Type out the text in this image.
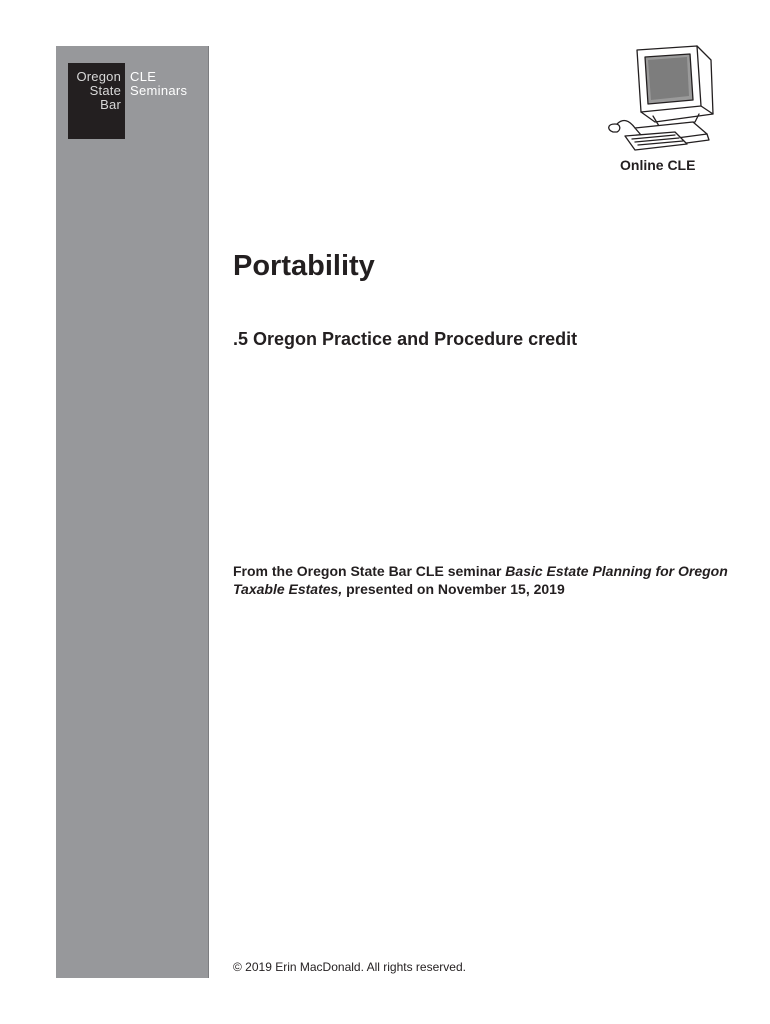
Oregon
State
Bar
CLE
Seminars
Online CLE
Portability

.5 Oregon Practice and Procedure credit

From the Oregon State Bar CLE seminar Basic Estate Planning for Oregon Taxable Estates, presented on November 15, 2019

© 2019 Erin MacDonald. All rights reserved.
